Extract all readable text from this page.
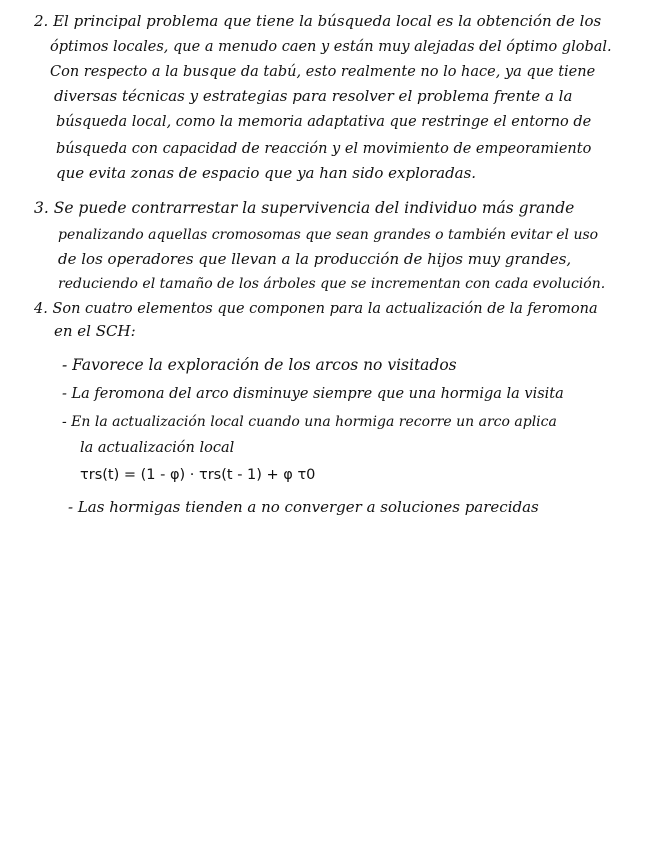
2. El principal problema que tiene la búsqueda local es la obtención de los
óptimos locales, que a menudo caen y están muy alejadas del óptimo global.
Con respecto a la busque da tabú, esto realmente no lo hace, ya que tiene
diversas técnicas y estrategias para resolver el problema frente a la
búsqueda local, como la memoria adaptativa que restringe el entorno de
búsqueda con capacidad de reacción y el movimiento de empeoramiento
que evita zonas de espacio que ya han sido exploradas.
3. Se puede contrarrestar la supervivencia del individuo más grande
penalizando aquellas cromosomas que sean grandes o también evitar el uso
de los operadores que llevan a la producción de hijos muy grandes,
reduciendo el tamaño de los árboles que se incrementan con cada evolución.
4. Son cuatro elementos que componen para la actualización de la feromona
en el SCH:
- Favorece la exploración de los arcos no visitados
- La feromona del arco disminuye siempre que una hormiga la visita
- En la actualización local cuando una hormiga recorre un arco aplica
la actualización local
τrs(t) = (1 - φ) · τrs(t - 1) + φ τ0
- Las hormigas tienden a no converger a soluciones parecidas
